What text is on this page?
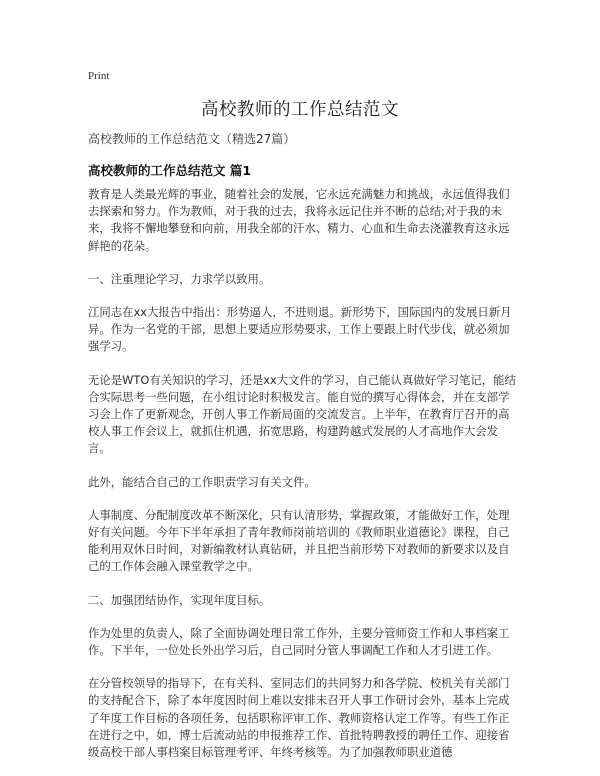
Print
高校教师的工作总结范文
高校教师的工作总结范文（精选27篇）
高校教师的工作总结范文 篇1

教育是人类最光辉的事业，随着社会的发展，它永远充满魅力和挑战，永远值得我们去探索和努力。作为教师，对于我的过去，我将永远记住并不断的总结;对于我的未来，我将不懈地攀登和向前，用我全部的汗水、精力、心血和生命去浇灌教育这永远鲜艳的花朵。

一、注重理论学习，力求学以致用。

江同志在xx大报告中指出：形势逼人，不进则退。新形势下，国际国内的发展日新月异。作为一名党的干部，思想上要适应形势要求，工作上要跟上时代步伐，就必须加强学习。

无论是WTO有关知识的学习，还是xx大文件的学习，自己能认真做好学习笔记，能结合实际思考一些问题，在小组讨论时积极发言。能自觉的撰写心得体会，并在支部学习会上作了更新观念，开创人事工作新局面的交流发言。上半年，在教育厅召开的高校人事工作会议上，就抓住机遇，拓宽思路，构建跨越式发展的人才高地作大会发言。

此外，能结合自己的工作职责学习有关文件。

人事制度、分配制度改革不断深化，只有认清形势，掌握政策，才能做好工作，处理好有关问题。今年下半年承担了青年教师岗前培训的《教师职业道德论》课程，自己能利用双休日时间，对新编教材认真钻研，并且把当前形势下对教师的新要求以及自己的工作体会融入课堂教学之中。

二、加强团结协作，实现年度目标。

作为处里的负责人，除了全面协调处理日常工作外，主要分管师资工作和人事档案工作。下半年，一位处长外出学习后，自己同时分管人事调配工作和人才引进工作。

在分管校领导的指导下，在有关科、室同志们的共同努力和各学院、校机关有关部门的支持配合下，除了本年度因时间上难以安排未召开人事工作研讨会外，基本上完成了年度工作目标的各项任务，包括职称评审工作、教师资格认定工作等。有些工作正在进行之中，如，博士后流动站的申报推荐工作、首批特聘教授的聘任工作、迎接省级高校干部人事档案目标管理考评、年终考核等。为了加强教师职业道德
